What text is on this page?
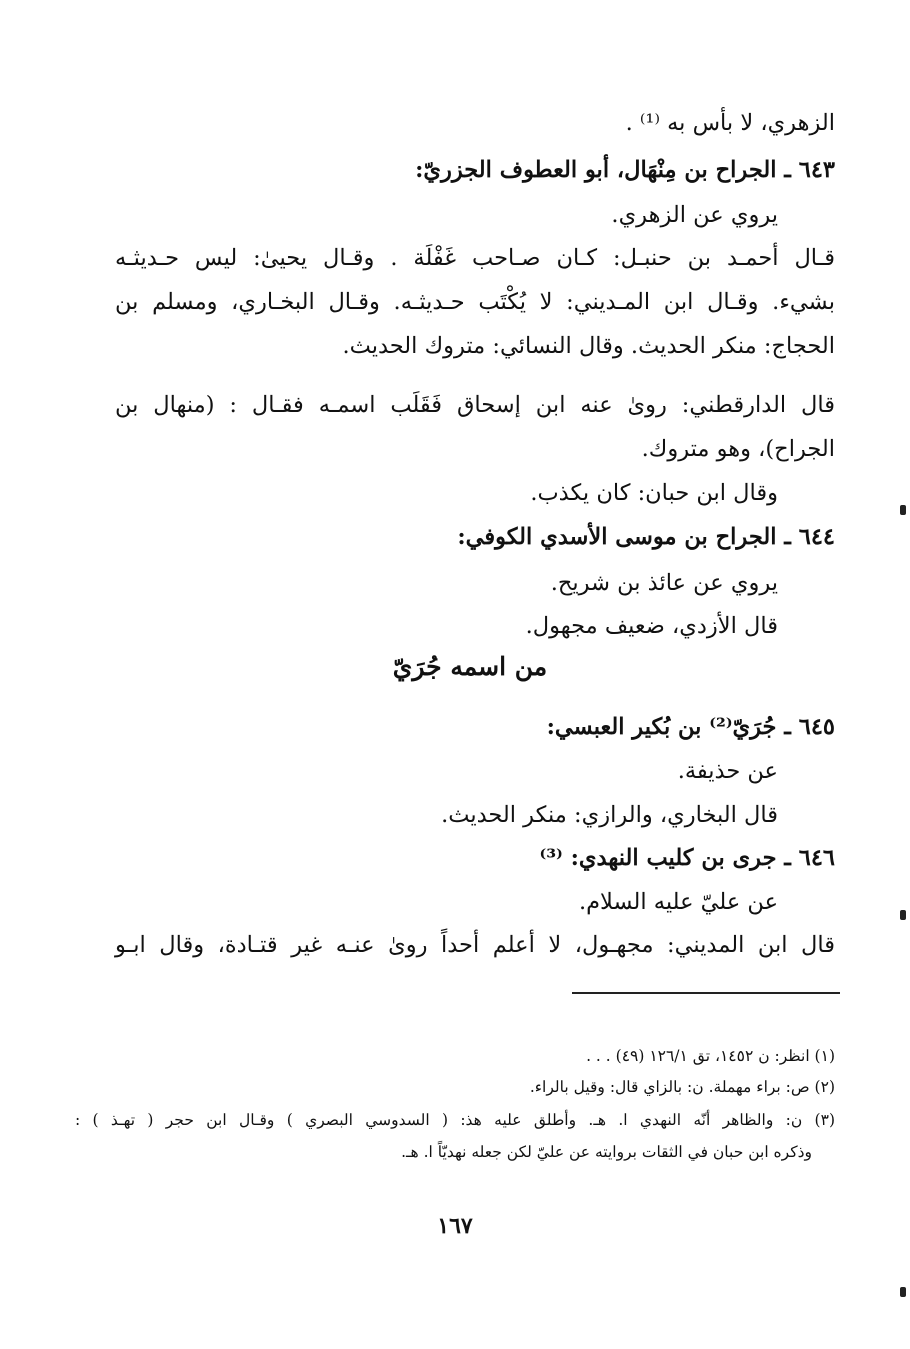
الزهري، لا بأس به ⁽¹⁾ .
٦٤٣ ـ الجراح بن مِنْهَال، أبو العطوف الجزريّ:
يروي عن الزهري.
قـال أحمـد بن حنبـل: كـان صـاحب غَفْلَة . وقـال يحيىٰ: ليس حـديثـه
بشيء. وقـال ابن المـديني: لا يُكْتَب حـديثـه. وقـال البخـاري، ومسلم بن
الحجاج: منكر الحديث. وقال النسائي: متروك الحديث.
قال الدارقطني: روىٰ عنه ابن إسحاق فَقَلَب اسمـه فقـال : (منهال بن
الجراح)، وهو متروك.
وقال ابن حبان: كان يكذب.
٦٤٤ ـ الجراح بن موسى الأسدي الكوفي:
يروي عن عائذ بن شريح.
قال الأزدي، ضعيف مجهول.
٦٤٥ ـ جُرَيّ⁽²⁾ بن بُكير العبسي:
عن حذيفة.
قال البخاري، والرازي: منكر الحديث.
٦٤٦ ـ جرى بن كليب النهدي: ⁽³⁾
عن عليّ عليه السلام.
قال ابن المديني: مجهـول، لا أعلم أحداً روىٰ عنـه غير قتـادة، وقال ابـو
من اسمه جُرَيّ
(١) انظر: ن ١٤٥٢، تق ١٢٦/١ (٤٩) . . .
(٢) ص: براء مهملة. ن: بالزاي قال: وقيل بالراء.
(٣) ن: والظاهر أنّه النهدي ا. هـ. وأطلق عليه هذ: ( السدوسي البصري ) وقـال ابن حجر ( تهـذ ) :
وذكره ابن حبان في الثقات بروايته عن عليّ لكن جعله نهديّاً ا. هـ.
١٦٧
